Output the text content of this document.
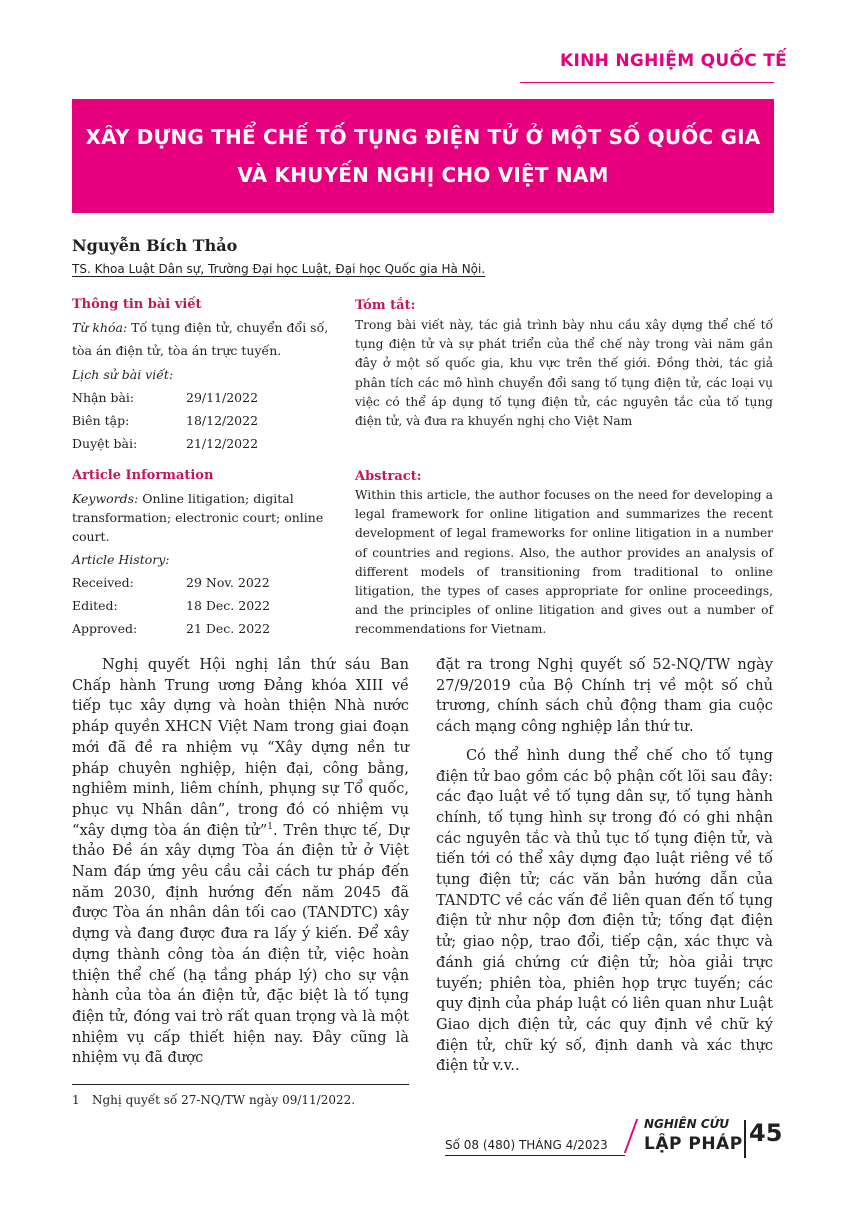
KINH NGHIỆM QUỐC TẾ
XÂY DỰNG THỂ CHẾ TỐ TỤNG ĐIỆN TỬ Ở MỘT SỐ QUỐC GIA
VÀ KHUYẾN NGHỊ CHO VIỆT NAM
Nguyễn Bích Thảo
TS. Khoa Luật Dân sự, Trường Đại học Luật, Đại học Quốc gia Hà Nội.
Thông tin bài viết
Từ khóa: Tố tụng điện tử, chuyển đổi số,
tòa án điện tử, tòa án trực tuyến.
Lịch sử bài viết:
Nhận bài:	29/11/2022
Biên tập:	18/12/2022
Duyệt bài:	21/12/2022
Article Information
Keywords: Online litigation; digital
transformation; electronic court; online
court.
Article History:
Received:	29 Nov. 2022
Edited:	18 Dec. 2022
Approved:	21 Dec. 2022
Tóm tắt:
Trong bài viết này, tác giả trình bày nhu cầu xây dựng thể chế tố tụng điện tử và sự phát triển của thể chế này trong vài năm gần đây ở một số quốc gia, khu vực trên thế giới. Đồng thời, tác giả phân tích các mô hình chuyển đổi sang tố tụng điện tử, các loại vụ việc có thể áp dụng tố tụng điện tử, các nguyên tắc của tố tụng điện tử, và đưa ra khuyến nghị cho Việt Nam
Abstract:
Within this article, the author focuses on the need for developing a legal framework for online litigation and summarizes the recent development of legal frameworks for online litigation in a number of countries and regions. Also, the author provides an analysis of different models of transitioning from traditional to online litigation, the types of cases appropriate for online proceedings, and the principles of online litigation and gives out a number of recommendations for Vietnam.

Nghị quyết Hội nghị lần thứ sáu Ban Chấp hành Trung ương Đảng khóa XIII về tiếp tục xây dựng và hoàn thiện Nhà nước pháp quyền XHCN Việt Nam trong giai đoạn mới đã đề ra nhiệm vụ “Xây dựng nền tư pháp chuyên nghiệp, hiện đại, công bằng, nghiêm minh, liêm chính, phụng sự Tổ quốc, phục vụ Nhân dân”, trong đó có nhiệm vụ “xây dựng tòa án điện tử”$^1$. Trên thực tế, Dự thảo Đề án xây dựng Tòa án điện tử ở Việt Nam đáp ứng yêu cầu cải cách tư pháp đến năm 2030, định hướng đến năm 2045 đã được Tòa án nhân dân tối cao (TANDTC) xây dựng và đang được đưa ra lấy ý kiến. Để xây dựng thành công tòa án điện tử, việc hoàn thiện thể chế (hạ tầng pháp lý) cho sự vận hành của tòa án điện tử, đặc biệt là tố tụng điện tử, đóng vai trò rất quan trọng và là một nhiệm vụ cấp thiết hiện nay. Đây cũng là nhiệm vụ đã được

đặt ra trong Nghị quyết số 52-NQ/TW ngày 27/9/2019 của Bộ Chính trị về một số chủ trương, chính sách chủ động tham gia cuộc cách mạng công nghiệp lần thứ tư.

Có thể hình dung thể chế cho tố tụng điện tử bao gồm các bộ phận cốt lõi sau đây: các đạo luật về tố tụng dân sự, tố tụng hành chính, tố tụng hình sự trong đó có ghi nhận các nguyên tắc và thủ tục tố tụng điện tử, và tiến tới có thể xây dựng đạo luật riêng về tố tụng điện tử; các văn bản hướng dẫn của TANDTC về các vấn đề liên quan đến tố tụng điện tử như nộp đơn điện tử; tống đạt điện tử; giao nộp, trao đổi, tiếp cận, xác thực và đánh giá chứng cứ điện tử; hòa giải trực tuyến; phiên tòa, phiên họp trực tuyến; các quy định của pháp luật có liên quan như Luật Giao dịch điện tử, các quy định về chữ ký điện tử, chữ ký số, định danh và xác thực điện tử v.v..

1 Nghị quyết số 27-NQ/TW ngày 09/11/2022.
Số 08 (480) THÁNG 4/2023
NGHIÊN CỨU
LẬP PHÁP 45
